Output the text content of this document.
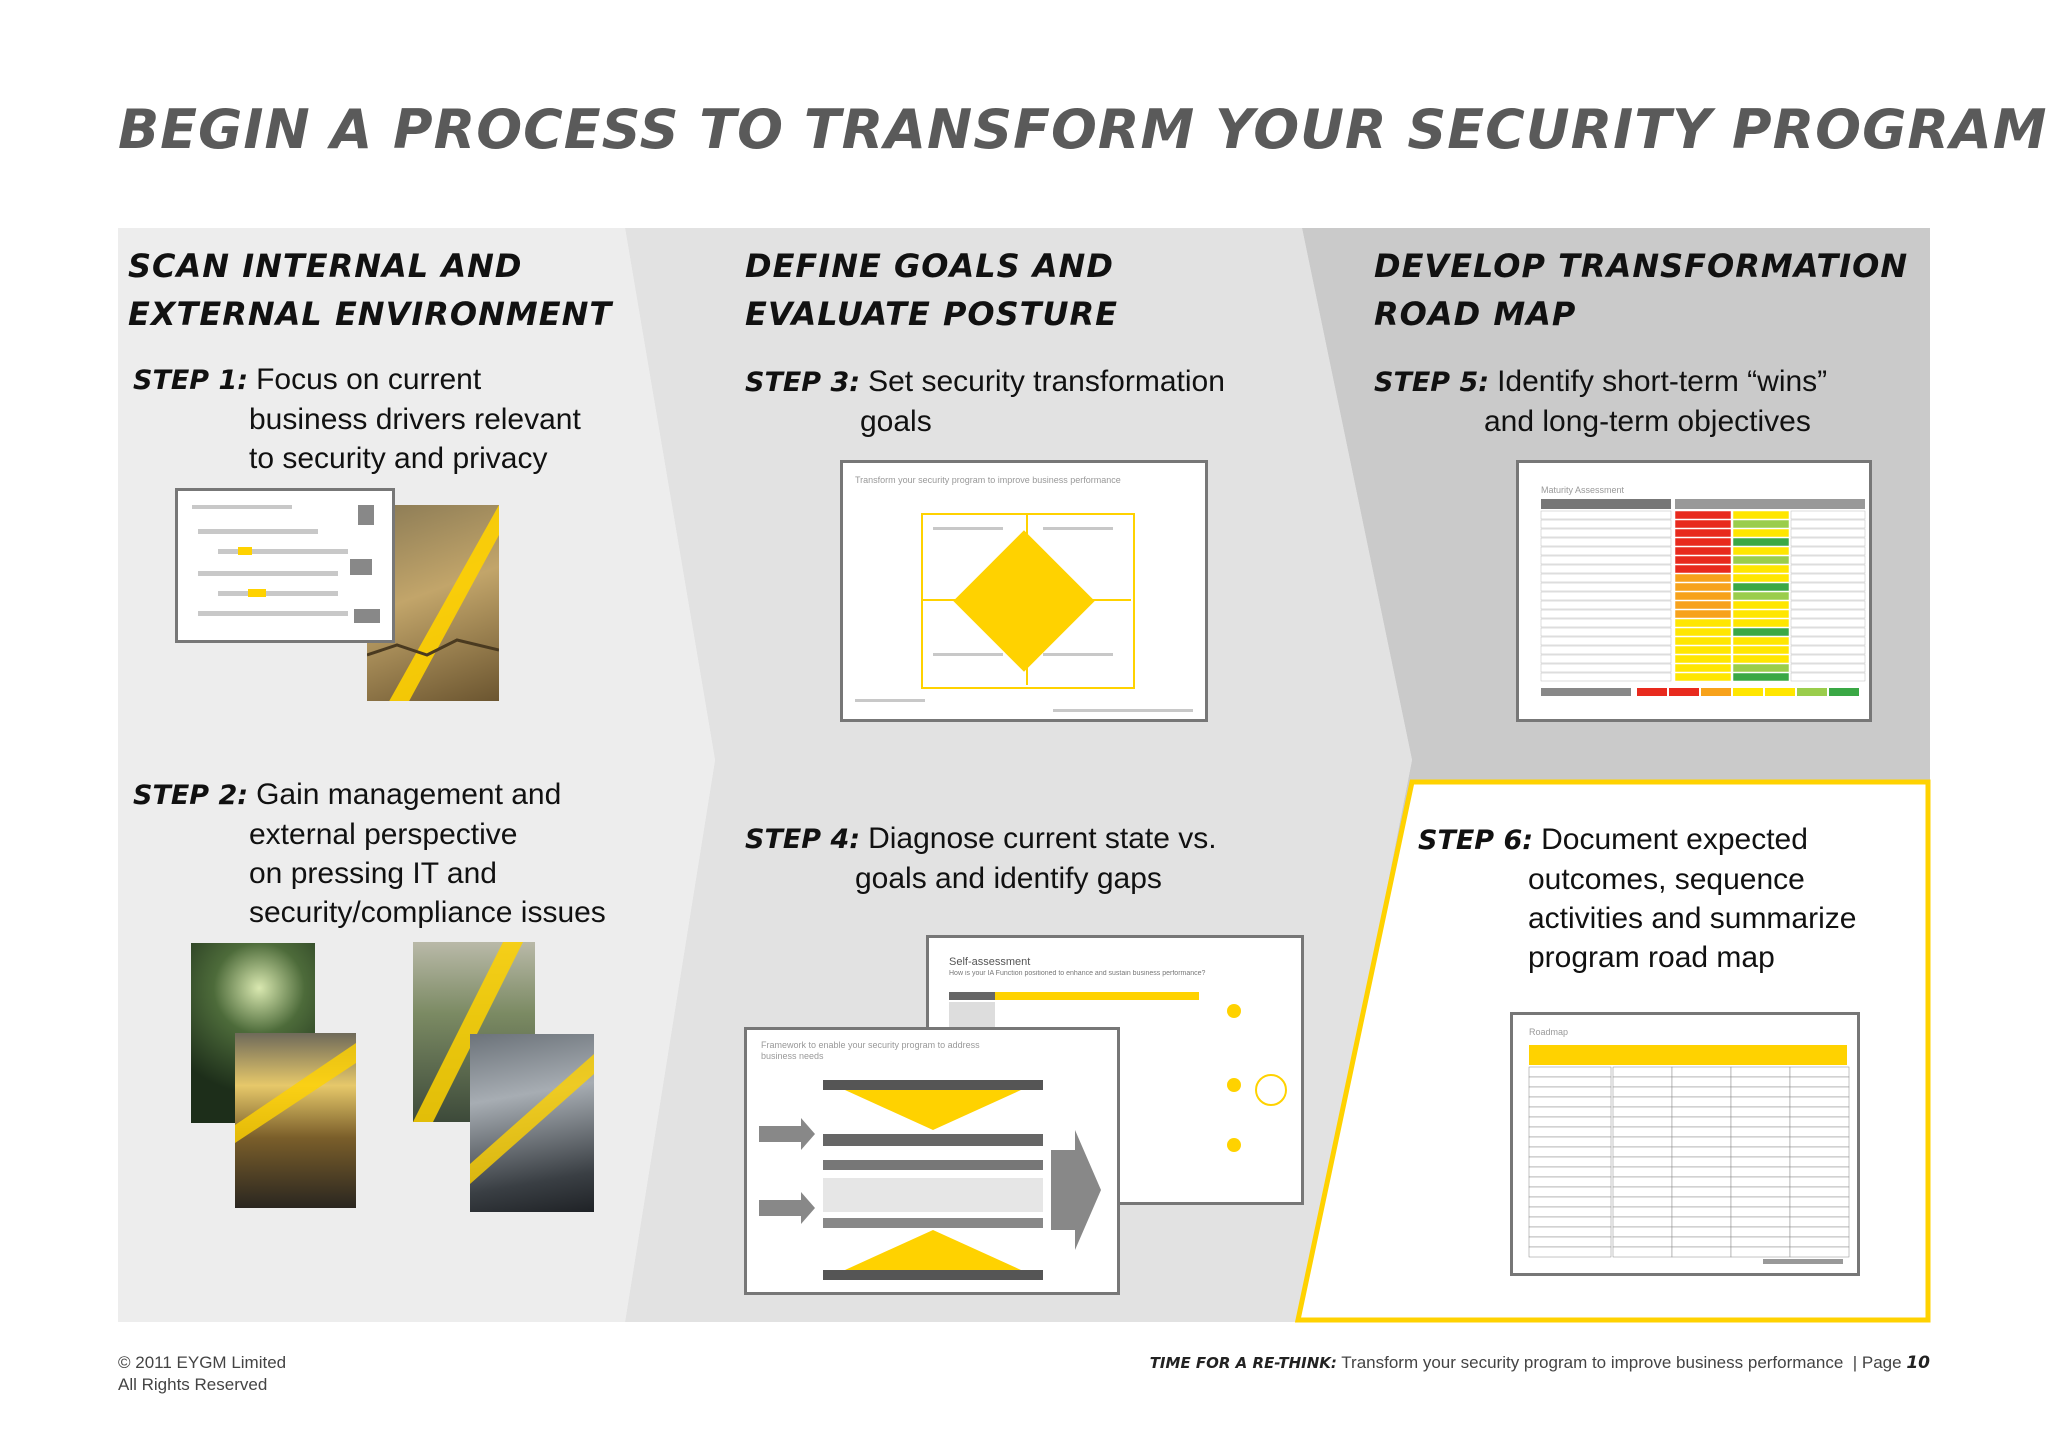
BEGIN A PROCESS TO TRANSFORM YOUR SECURITY PROGRAM
SCAN INTERNAL AND
EXTERNAL ENVIRONMENT
DEFINE GOALS AND
EVALUATE POSTURE
DEVELOP TRANSFORMATION
ROAD MAP
STEP 1: Focus on current
business drivers relevant
to security and privacy
STEP 2: Gain management and
external perspective
on pressing IT and
security/compliance issues
STEP 3: Set security transformation
goals
STEP 4: Diagnose current state vs.
goals and identify gaps
STEP 5: Identify short-term “wins”
and long-term objectives
STEP 6: Document expected
outcomes, sequence
activities and summarize
program road map
Transform your security program to improve business performance
Self-assessment
How is your IA Function positioned to enhance and sustain business performance?
Framework to enable your security program to address business needs
Maturity Assessment
Roadmap
© 2011 EYGM Limited
All Rights Reserved
TIME FOR A RE-THINK: Transform your security program to improve business performance | Page 10
